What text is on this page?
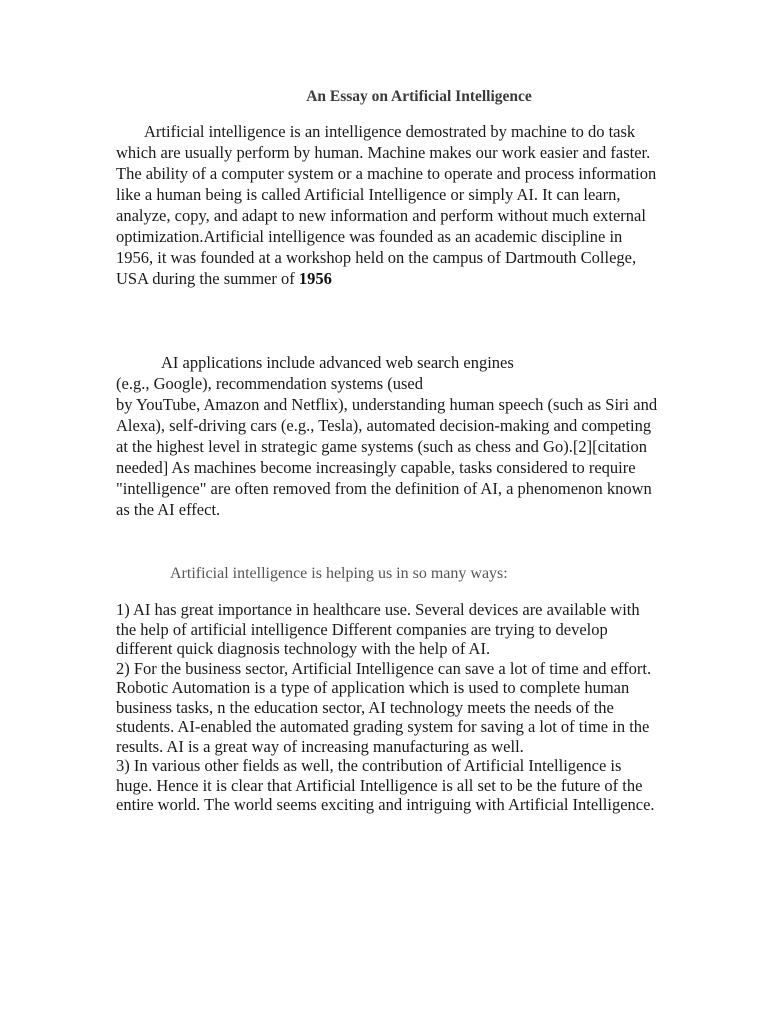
An Essay on Artificial Intelligence

Artificial intelligence is an intelligence demostrated by machine to do task which are usually perform by human. Machine makes our work easier and faster. The ability of a computer system or a machine to operate and process information like a human being is called Artificial Intelligence or simply AI. It can learn, analyze, copy, and adapt to new information and perform without much external optimization.Artificial intelligence was founded as an academic discipline in 1956, it was founded at a workshop held on the campus of Dartmouth College, USA during the summer of 1956

AI applications include advanced web search engines
(e.g., Google), recommendation systems (used
by YouTube, Amazon and Netflix), understanding human speech (such as Siri and Alexa), self-driving cars (e.g., Tesla), automated decision-making and competing at the highest level in strategic game systems (such as chess and Go).[2][citation needed] As machines become increasingly capable, tasks considered to require "intelligence" are often removed from the definition of AI, a phenomenon known as the AI effect.

Artificial intelligence is helping us in so many ways:

1) AI has great importance in healthcare use. Several devices are available with the help of artificial intelligence Different companies are trying to develop different quick diagnosis technology with the help of AI.

2) For the business sector, Artificial Intelligence can save a lot of time and effort. Robotic Automation is a type of application which is used to complete human business tasks, n the education sector, AI technology meets the needs of the students. AI-enabled the automated grading system for saving a lot of time in the results. AI is a great way of increasing manufacturing as well.

3) In various other fields as well, the contribution of Artificial Intelligence is huge. Hence it is clear that Artificial Intelligence is all set to be the future of the entire world. The world seems exciting and intriguing with Artificial Intelligence.
